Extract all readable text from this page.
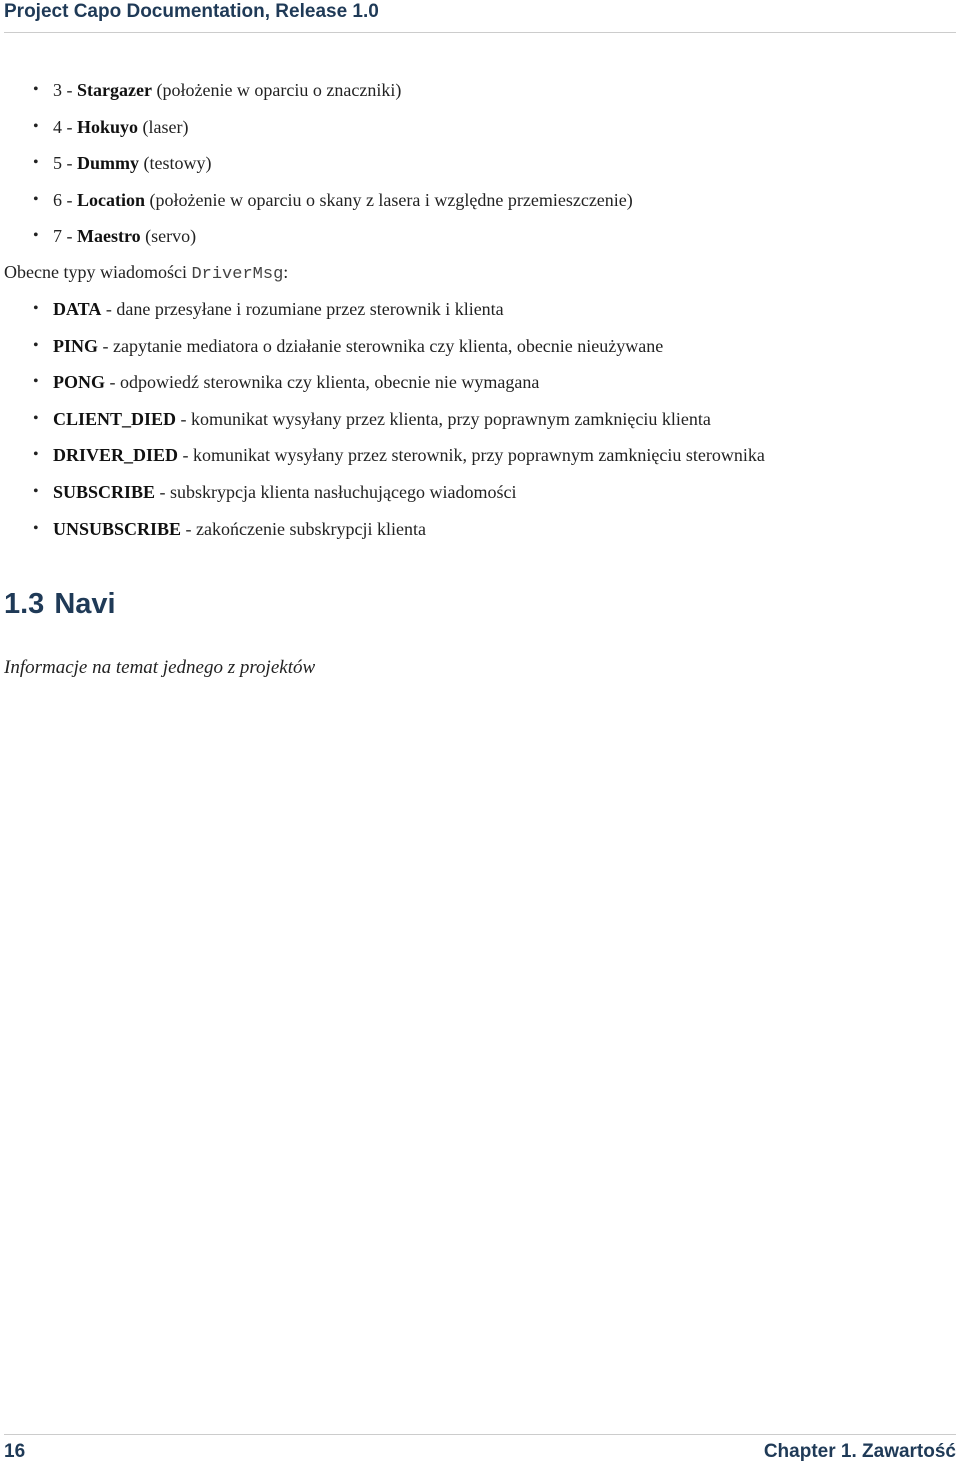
Project Capo Documentation, Release 1.0
• 3 - Stargazer (położenie w oparciu o znaczniki)
• 4 - Hokuyo (laser)
• 5 - Dummy (testowy)
• 6 - Location (położenie w oparciu o skany z lasera i względne przemieszczenie)
• 7 - Maestro (servo)
Obecne typy wiadomości DriverMsg:
• DATA - dane przesyłane i rozumiane przez sterownik i klienta
• PING - zapytanie mediatora o działanie sterownika czy klienta, obecnie nieużywane
• PONG - odpowiedź sterownika czy klienta, obecnie nie wymagana
• CLIENT_DIED - komunikat wysyłany przez klienta, przy poprawnym zamknięciu klienta
• DRIVER_DIED - komunikat wysyłany przez sterownik, przy poprawnym zamknięciu sterownika
• SUBSCRIBE - subskrypcja klienta nasłuchującego wiadomości
• UNSUBSCRIBE - zakończenie subskrypcji klienta
1.3 Navi
Informacje na temat jednego z projektów
16	Chapter 1. Zawartość
